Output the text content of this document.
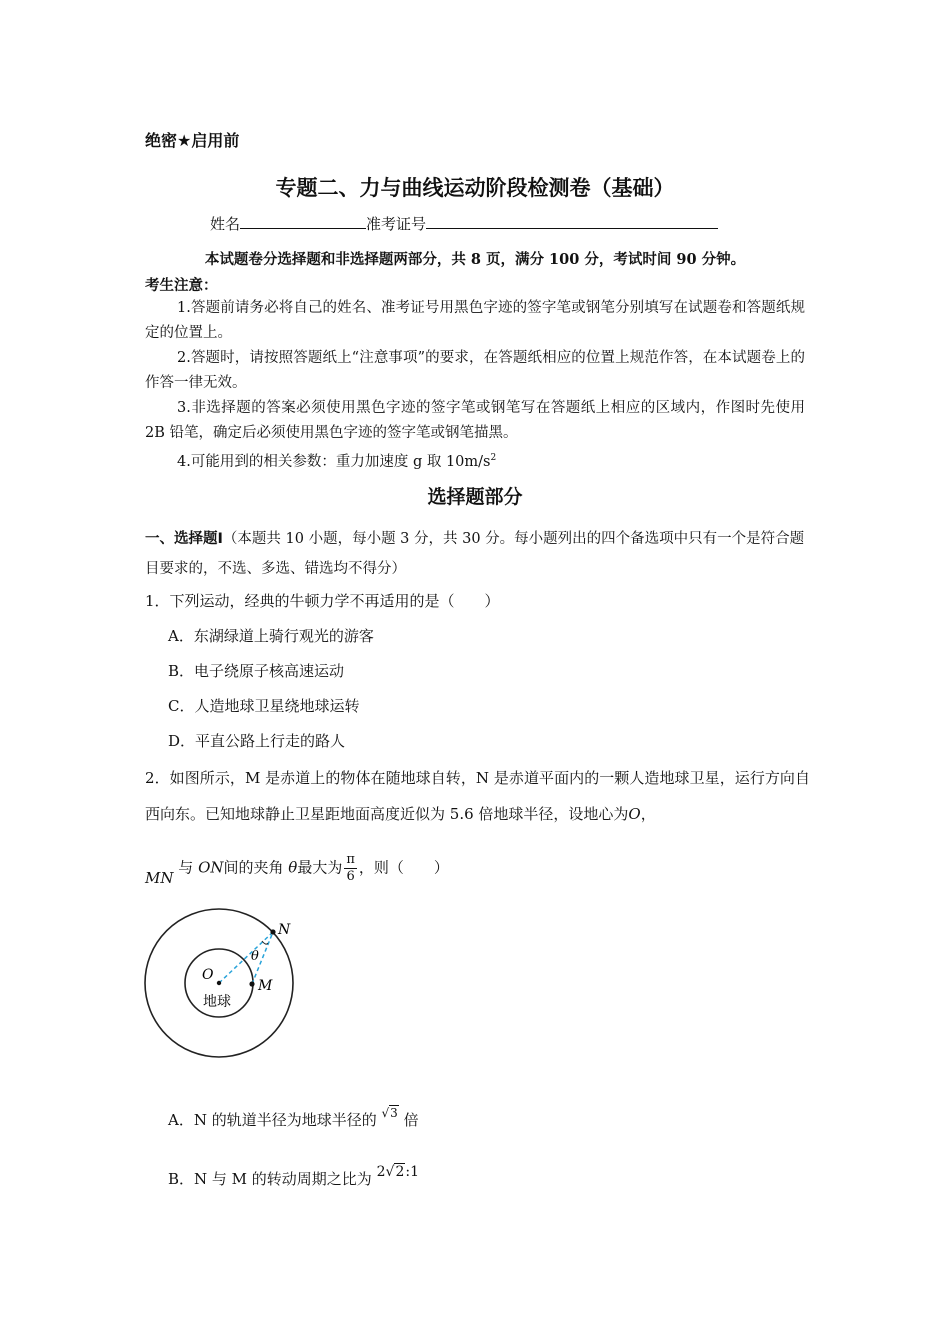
绝密★启用前
专题二、力与曲线运动阶段检测卷（基础）
姓名	准考证号
本试题卷分选择题和非选择题两部分，共 8 页，满分 100 分，考试时间 90 分钟。
考生注意：
1.答题前请务必将自己的姓名、准考证号用黑色字迹的签字笔或钢笔分别填写在试题卷和答题纸规定的位置上。
2.答题时，请按照答题纸上“注意事项”的要求，在答题纸相应的位置上规范作答，在本试题卷上的作答一律无效。
3.非选择题的答案必须使用黑色字迹的签字笔或钢笔写在答题纸上相应的区域内，作图时先使用 2B 铅笔，确定后必须使用黑色字迹的签字笔或钢笔描黑。
4.可能用到的相关参数：重力加速度 g 取 $10m/s^2$
选择题部分
一、选择题Ⅰ（本题共 10 小题，每小题 3 分，共 30 分。每小题列出的四个备选项中只有一个是符合题目要求的，不选、多选、错选均不得分）
1．下列运动，经典的牛顿力学不再适用的是（　　）
A．东湖绿道上骑行观光的游客
B．电子绕原子核高速运动
C．人造地球卫星绕地球运转
D．平直公路上行走的路人
2．如图所示，M 是赤道上的物体在随地球自转，N 是赤道平面内的一颗人造地球卫星，运行方向自西向东。已知地球静止卫星距地面高度近似为 5.6 倍地球半径，设地心为O，
MN 与 ON间的夹角 θ最大为 $\frac{\pi}{6}$ ，则（　　）
N
O
M
θ
地球
A．N 的轨道半径为地球半径的 √3 倍
B．N 与 M 的转动周期之比为 2√2:1
